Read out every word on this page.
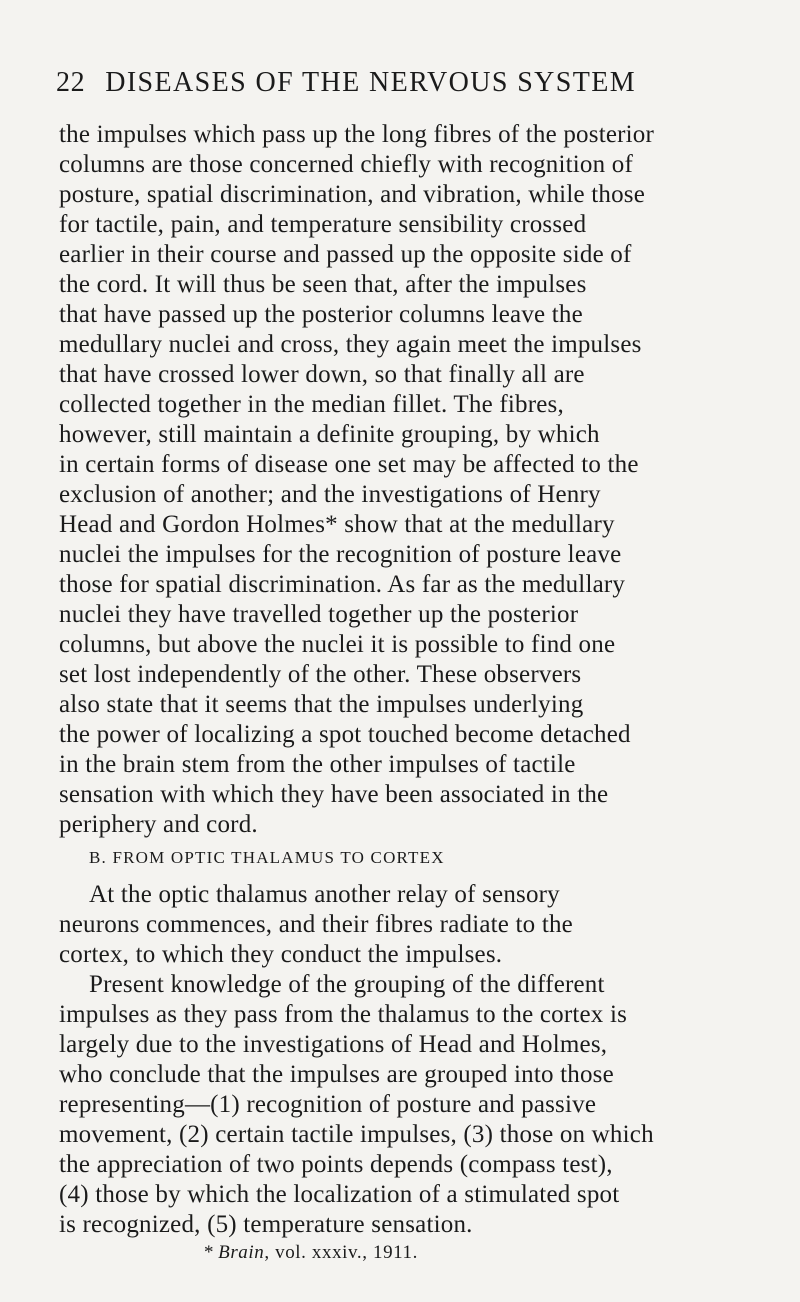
22 DISEASES OF THE NERVOUS SYSTEM
the impulses which pass up the long fibres of the posterior
columns are those concerned chiefly with recognition of
posture, spatial discrimination, and vibration, while those
for tactile, pain, and temperature sensibility crossed
earlier in their course and passed up the opposite side of
the cord. It will thus be seen that, after the impulses
that have passed up the posterior columns leave the
medullary nuclei and cross, they again meet the impulses
that have crossed lower down, so that finally all are
collected together in the median fillet. The fibres,
however, still maintain a definite grouping, by which
in certain forms of disease one set may be affected to the
exclusion of another; and the investigations of Henry
Head and Gordon Holmes* show that at the medullary
nuclei the impulses for the recognition of posture leave
those for spatial discrimination. As far as the medullary
nuclei they have travelled together up the posterior
columns, but above the nuclei it is possible to find one
set lost independently of the other. These observers
also state that it seems that the impulses underlying
the power of localizing a spot touched become detached
in the brain stem from the other impulses of tactile
sensation with which they have been associated in the
periphery and cord.
B. FROM OPTIC THALAMUS TO CORTEX
At the optic thalamus another relay of sensory
neurons commences, and their fibres radiate to the
cortex, to which they conduct the impulses.
Present knowledge of the grouping of the different
impulses as they pass from the thalamus to the cortex is
largely due to the investigations of Head and Holmes,
who conclude that the impulses are grouped into those
representing—(1) recognition of posture and passive
movement, (2) certain tactile impulses, (3) those on which
the appreciation of two points depends (compass test),
(4) those by which the localization of a stimulated spot
is recognized, (5) temperature sensation.
* Brain, vol. xxxiv., 1911.
